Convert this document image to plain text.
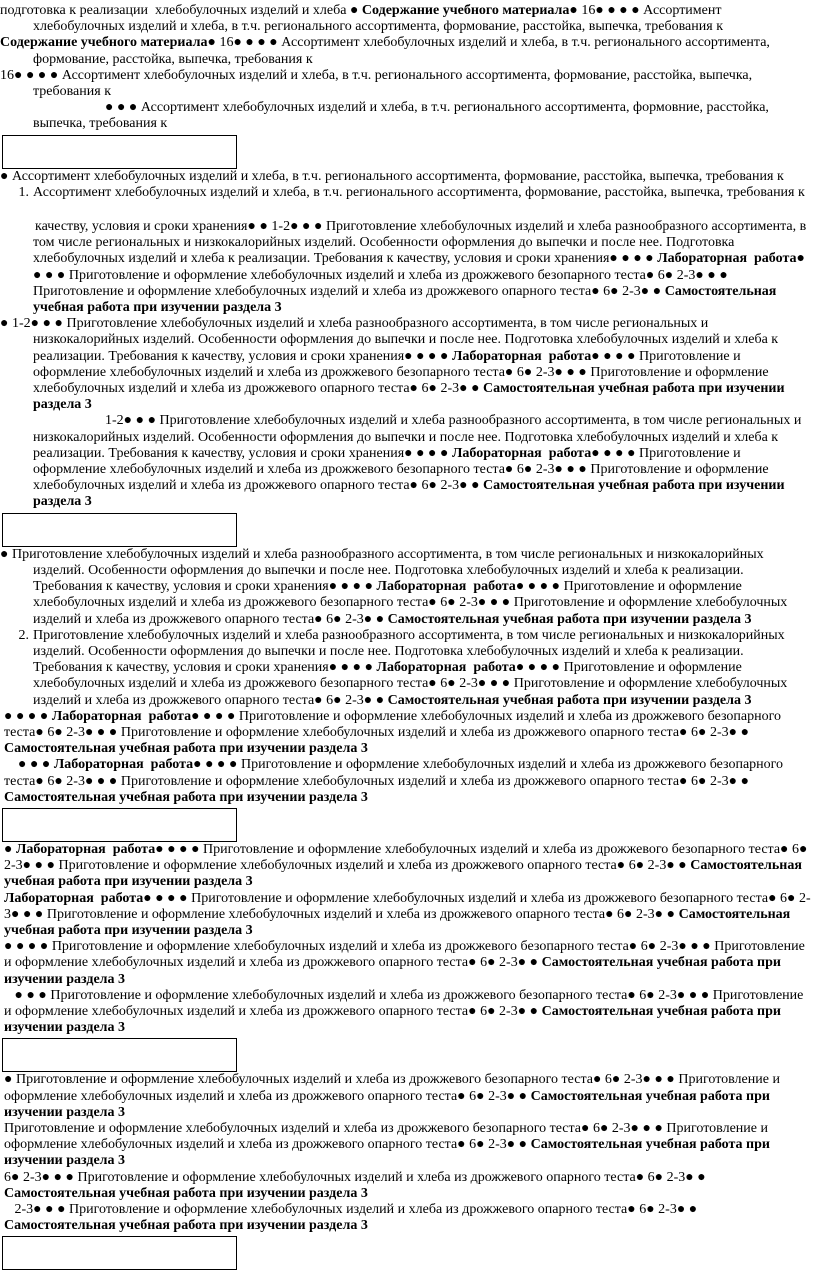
подготовка к реализации  хлебобулочных изделий и хлеба ● Содержание учебного материала● 16● ● ● ● Ассортимент хлебобулочных изделий и хлеба, в т.ч. регионального ассортимента, формование, расстойка, выпечка, требования к

Содержание учебного материала● 16● ● ● ● Ассортимент хлебобулочных изделий и хлеба, в т.ч. регионального ассортимента, формование, расстойка, выпечка, требования к

16● ● ● ● Ассортимент хлебобулочных изделий и хлеба, в т.ч. регионального ассортимента, формование, расстойка, выпечка, требования к

● ● ● Ассортимент хлебобулочных изделий и хлеба, в т.ч. регионального ассортимента, формовние, расстойка, выпечка, требования к

● Ассортимент хлебобулочных изделий и хлеба, в т.ч. регионального ассортимента, формование, расстойка, выпечка, требования к

1. Ассортимент хлебобулочных изделий и хлеба, в т.ч. регионального ассортимента, формование, расстойка, выпечка, требования к

качеству, условия и сроки хранения● ● 1-2● ● ● Приготовление хлебобулочных изделий и хлеба разнообразного ассортимента, в том числе региональных и низкокалорийных изделий. Особенности оформления до выпечки и после нее. Подготовка хлебобулочных изделий и хлеба к реализации. Требования к качеству, условия и сроки хранения● ● ● ● Лабораторная  работа● ● ● ● Приготовление и оформление хлебобулочных изделий и хлеба из дрожжевого безопарного теста● 6● 2-3● ● ● Приготовление и оформление хлебобулочных изделий и хлеба из дрожжевого опарного теста● 6● 2-3● ● Самостоятельная учебная работа при изучении раздела 3

● 1-2● ● ● Приготовление хлебобулочных изделий и хлеба разнообразного ассортимента, в том числе региональных и низкокалорийных изделий. Особенности оформления до выпечки и после нее. Подготовка хлебобулочных изделий и хлеба к реализации. Требования к качеству, условия и сроки хранения● ● ● ● Лабораторная  работа● ● ● ● Приготовление и оформление хлебобулочных изделий и хлеба из дрожжевого безопарного теста● 6● 2-3● ● ● Приготовление и оформление хлебобулочных изделий и хлеба из дрожжевого опарного теста● 6● 2-3● ● Самостоятельная учебная работа при изучении раздела 3

1-2● ● ● Приготовление хлебобулочных изделий и хлеба разнообразного ассортимента, в том числе региональных и низкокалорийных изделий. Особенности оформления до выпечки и после нее. Подготовка хлебобулочных изделий и хлеба к реализации. Требования к качеству, условия и сроки хранения● ● ● ● Лабораторная  работа● ● ● ● Приготовление и оформление хлебобулочных изделий и хлеба из дрожжевого безопарного теста● 6● 2-3● ● ● Приготовление и оформление хлебобулочных изделий и хлеба из дрожжевого опарного теста● 6● 2-3● ● Самостоятельная учебная работа при изучении раздела 3

● Приготовление хлебобулочных изделий и хлеба разнообразного ассортимента, в том числе региональных и низкокалорийных изделий. Особенности оформления до выпечки и после нее. Подготовка хлебобулочных изделий и хлеба к реализации. Требования к качеству, условия и сроки хранения● ● ● ● Лабораторная  работа● ● ● ● Приготовление и оформление хлебобулочных изделий и хлеба из дрожжевого безопарного теста● 6● 2-3● ● ● Приготовление и оформление хлебобулочных изделий и хлеба из дрожжевого опарного теста● 6● 2-3● ● Самостоятельная учебная работа при изучении раздела 3

2. Приготовление хлебобулочных изделий и хлеба разнообразного ассортимента, в том числе региональных и низкокалорийных изделий. Особенности оформления до выпечки и после нее. Подготовка хлебобулочных изделий и хлеба к реализации. Требования к качеству, условия и сроки хранения● ● ● ● Лабораторная  работа● ● ● ● Приготовление и оформление хлебобулочных изделий и хлеба из дрожжевого безопарного теста● 6● 2-3● ● ● Приготовление и оформление хлебобулочных изделий и хлеба из дрожжевого опарного теста● 6● 2-3● ● Самостоятельная учебная работа при изучении раздела 3

● ● ● ● Лабораторная  работа● ● ● ● Приготовление и оформление хлебобулочных изделий и хлеба из дрожжевого безопарного теста● 6● 2-3● ● ● Приготовление и оформление хлебобулочных изделий и хлеба из дрожжевого опарного теста● 6● 2-3● ● Самостоятельная учебная работа при изучении раздела 3

● ● ● Лабораторная  работа● ● ● ● Приготовление и оформление хлебобулочных изделий и хлеба из дрожжевого безопарного теста● 6● 2-3● ● ● Приготовление и оформление хлебобулочных изделий и хлеба из дрожжевого опарного теста● 6● 2-3● ● Самостоятельная учебная работа при изучении раздела 3

● Лабораторная  работа● ● ● ● Приготовление и оформление хлебобулочных изделий и хлеба из дрожжевого безопарного теста● 6● 2-3● ● ● Приготовление и оформление хлебобулочных изделий и хлеба из дрожжевого опарного теста● 6● 2-3● ● Самостоятельная учебная работа при изучении раздела 3

Лабораторная  работа● ● ● ● Приготовление и оформление хлебобулочных изделий и хлеба из дрожжевого безопарного теста● 6● 2-3● ● ● Приготовление и оформление хлебобулочных изделий и хлеба из дрожжевого опарного теста● 6● 2-3● ● Самостоятельная учебная работа при изучении раздела 3

● ● ● ● Приготовление и оформление хлебобулочных изделий и хлеба из дрожжевого безопарного теста● 6● 2-3● ● ● Приготовление и оформление хлебобулочных изделий и хлеба из дрожжевого опарного теста● 6● 2-3● ● Самостоятельная учебная работа при изучении раздела 3

● ● ● Приготовление и оформление хлебобулочных изделий и хлеба из дрожжевого безопарного теста● 6● 2-3● ● ● Приготовление и оформление хлебобулочных изделий и хлеба из дрожжевого опарного теста● 6● 2-3● ● Самостоятельная учебная работа при изучении раздела 3

● Приготовление и оформление хлебобулочных изделий и хлеба из дрожжевого безопарного теста● 6● 2-3● ● ● Приготовление и оформление хлебобулочных изделий и хлеба из дрожжевого опарного теста● 6● 2-3● ● Самостоятельная учебная работа при изучении раздела 3

Приготовление и оформление хлебобулочных изделий и хлеба из дрожжевого безопарного теста● 6● 2-3● ● ● Приготовление и оформление хлебобулочных изделий и хлеба из дрожжевого опарного теста● 6● 2-3● ● Самостоятельная учебная работа при изучении раздела 3

6● 2-3● ● ● Приготовление и оформление хлебобулочных изделий и хлеба из дрожжевого опарного теста● 6● 2-3● ● Самостоятельная учебная работа при изучении раздела 3

2-3● ● ● Приготовление и оформление хлебобулочных изделий и хлеба из дрожжевого опарного теста● 6● 2-3● ● Самостоятельная учебная работа при изучении раздела 3
